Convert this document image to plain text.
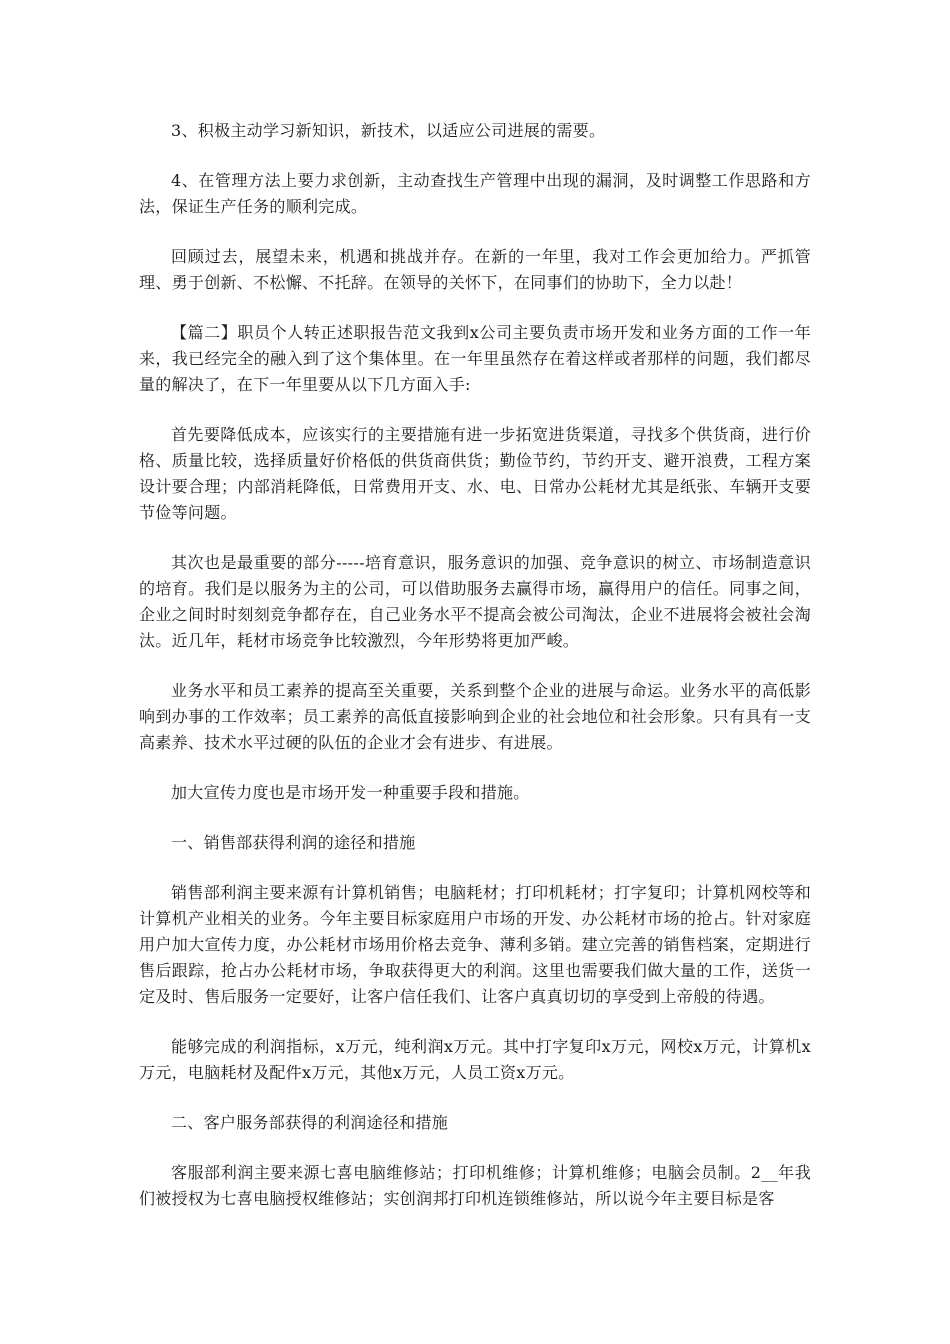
3、积极主动学习新知识，新技术，以适应公司进展的需要。

4、在管理方法上要力求创新，主动查找生产管理中出现的漏洞，及时调整工作思路和方法，保证生产任务的顺利完成。

回顾过去，展望未来，机遇和挑战并存。在新的一年里，我对工作会更加给力。严抓管理、勇于创新、不松懈、不托辞。在领导的关怀下，在同事们的协助下，全力以赴！

【篇二】职员个人转正述职报告范文我到x公司主要负责市场开发和业务方面的工作一年来，我已经完全的融入到了这个集体里。在一年里虽然存在着这样或者那样的问题，我们都尽量的解决了，在下一年里要从以下几方面入手:

首先要降低成本，应该实行的主要措施有进一步拓宽进货渠道，寻找多个供货商，进行价格、质量比较，选择质量好价格低的供货商供货；勤俭节约，节约开支、避开浪费，工程方案设计要合理；内部消耗降低，日常费用开支、水、电、日常办公耗材尤其是纸张、车辆开支要节俭等问题。

其次也是最重要的部分-----培育意识，服务意识的加强、竞争意识的树立、市场制造意识的培育。我们是以服务为主的公司，可以借助服务去赢得市场，赢得用户的信任。同事之间，企业之间时时刻刻竞争都存在，自己业务水平不提高会被公司淘汰，企业不进展将会被社会淘汰。近几年，耗材市场竞争比较激烈，今年形势将更加严峻。

业务水平和员工素养的提高至关重要，关系到整个企业的进展与命运。业务水平的高低影响到办事的工作效率；员工素养的高低直接影响到企业的社会地位和社会形象。只有具有一支高素养、技术水平过硬的队伍的企业才会有进步、有进展。

加大宣传力度也是市场开发一种重要手段和措施。

一、销售部获得利润的途径和措施

销售部利润主要来源有计算机销售；电脑耗材；打印机耗材；打字复印；计算机网校等和计算机产业相关的业务。今年主要目标家庭用户市场的开发、办公耗材市场的抢占。针对家庭用户加大宣传力度，办公耗材市场用价格去竞争、薄利多销。建立完善的销售档案，定期进行售后跟踪，抢占办公耗材市场，争取获得更大的利润。这里也需要我们做大量的工作，送货一定及时、售后服务一定要好，让客户信任我们、让客户真真切切的享受到上帝般的待遇。

能够完成的利润指标，x万元，纯利润x万元。其中打字复印x万元，网校x万元，计算机x万元，电脑耗材及配件x万元，其他x万元，人员工资x万元。

二、客户服务部获得的利润途径和措施

客服部利润主要来源七喜电脑维修站；打印机维修；计算机维修；电脑会员制。2__年我们被授权为七喜电脑授权维修站；实创润邦打印机连锁维修站，所以说今年主要目标是客
